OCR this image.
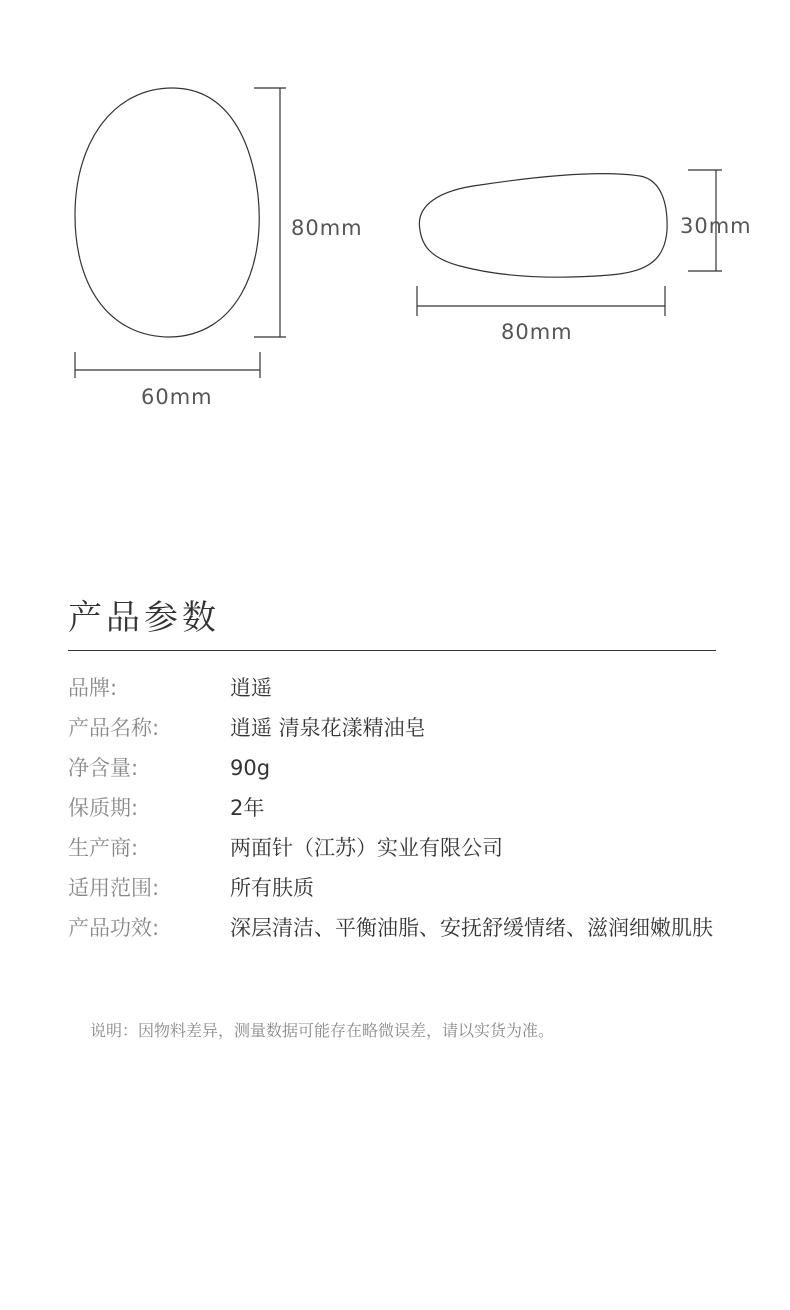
80mm
60mm
30mm
80mm
产品参数
品牌:	逍遥
产品名称:	逍遥 清泉花漾精油皂
净含量:	90g
保质期:	2年
生产商:	两面针（江苏）实业有限公司
适用范围:	所有肤质
产品功效:	深层清洁、平衡油脂、安抚舒缓情绪、滋润细嫩肌肤
说明：因物料差异，测量数据可能存在略微误差，请以实货为准。
